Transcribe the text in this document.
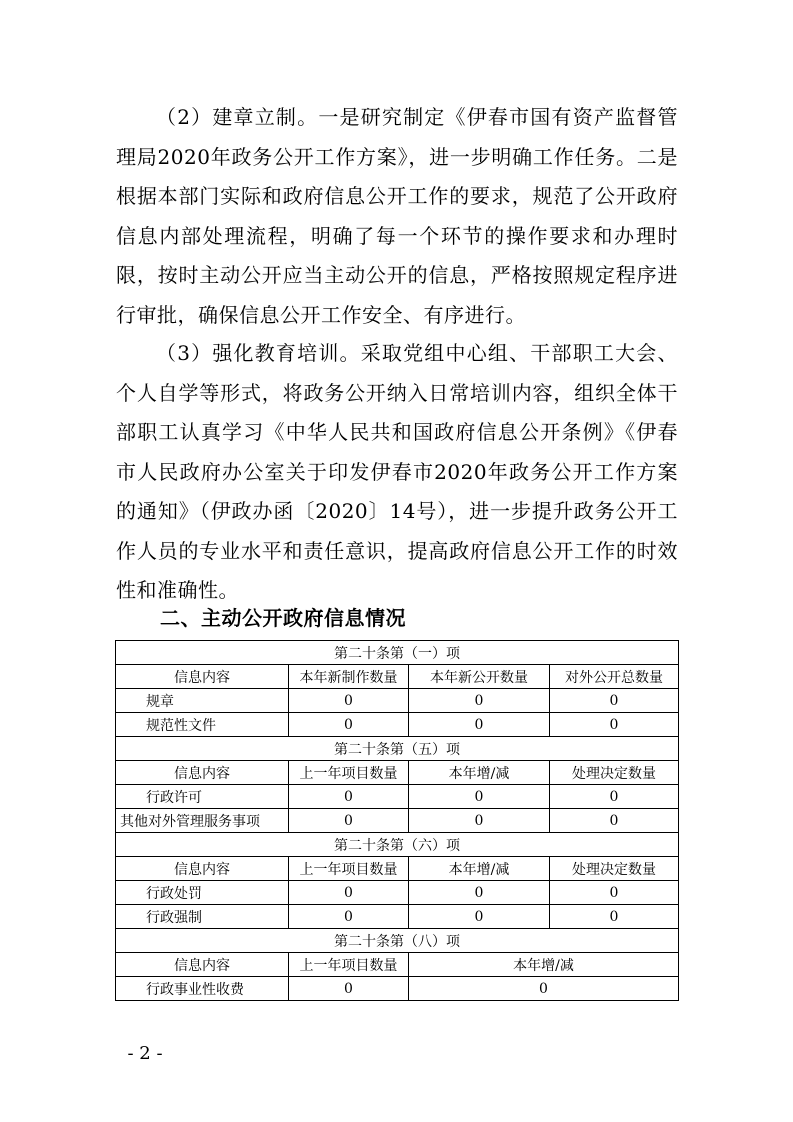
（2）建章立制。一是研究制定《伊春市国有资产监督管理局2020年政务公开工作方案》，进一步明确工作任务。二是根据本部门实际和政府信息公开工作的要求，规范了公开政府信息内部处理流程，明确了每一个环节的操作要求和办理时限，按时主动公开应当主动公开的信息，严格按照规定程序进行审批，确保信息公开工作安全、有序进行。

（3）强化教育培训。采取党组中心组、干部职工大会、个人自学等形式，将政务公开纳入日常培训内容，组织全体干部职工认真学习《中华人民共和国政府信息公开条例》《伊春市人民政府办公室关于印发伊春市2020年政务公开工作方案的通知》（伊政办函〔2020〕14号），进一步提升政务公开工作人员的专业水平和责任意识，提高政府信息公开工作的时效性和准确性。

二、主动公开政府信息情况
第二十条第（一）项			
信息内容	本年新制作数量	本年新公开数量	对外公开总数量
规章	0	0	0
规范性文件	0	0	0
第二十条第（五）项			
信息内容	上一年项目数量	本年增/减	处理决定数量
行政许可	0	0	0
其他对外管理服务事项	0	0	0
第二十条第（六）项			
信息内容	上一年项目数量	本年增/减	处理决定数量
行政处罚	0	0	0
行政强制	0	0	0
第二十条第（八）项			
信息内容	上一年项目数量	本年增/减	
行政事业性收费	0	0	
- 2 -
